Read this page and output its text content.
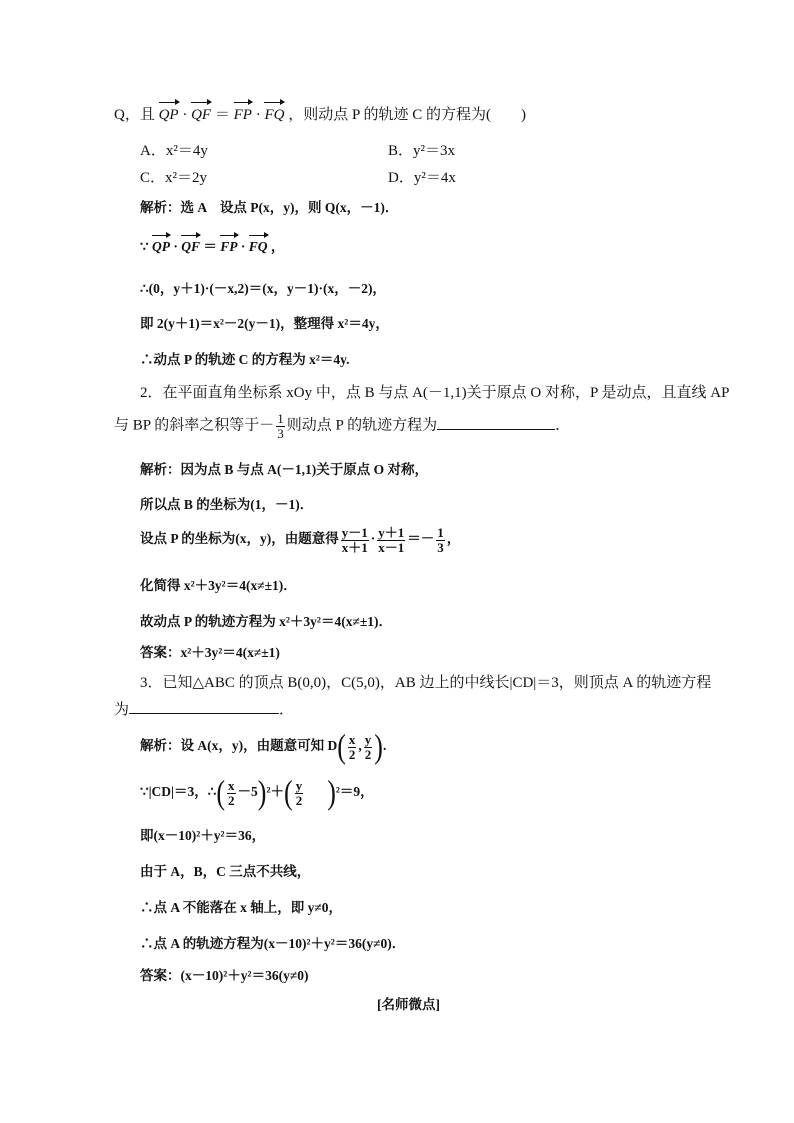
Q，且 QP · QF ＝ FP · FQ ，则动点 P 的轨迹 C 的方程为(　　)
A．x²＝4y	B．y²＝3x
C．x²＝2y	D．y²＝4x
解析：选 A　设点 P(x，y)，则 Q(x，－1)．
∵ QP · QF ＝ FP · FQ ，
∴(0，y＋1)·(－x,2)＝(x，y－1)·(x，－2)，
即 2(y＋1)＝x²－2(y－1)，整理得 x²＝4y，
∴动点 P 的轨迹 C 的方程为 x²＝4y.
2．在平面直角坐标系 xOy 中，点 B 与点 A(－1,1)关于原点 O 对称，P 是动点，且直线 AP
与 BP 的斜率之积等于－ $\frac{1}{3}$ 则动点 P 的轨迹方程为	．
解析：因为点 B 与点 A(－1,1)关于原点 O 对称，
所以点 B 的坐标为(1，－1)．
设点 P 的坐标为(x，y)，由题意得 $\frac{y-1}{x+1} \cdot \frac{y+1}{x-1} =- \frac{1}{3}$ ，
化简得 x²＋3y²＝4(x≠±1)．
故动点 P 的轨迹方程为 x²＋3y²＝4(x≠±1)．
答案：x²＋3y²＝4(x≠±1)
3．已知△ABC 的顶点 B(0,0)，C(5,0)，AB 边上的中线长|CD|＝3，则顶点 A 的轨迹方程
为	．
解析：设 A(x，y)，由题意可知 $D( \frac{x}{2}$ , $\frac{y}{2}$ ).
∵|CD|＝3，∴( $\frac{x}{2} -5)^2+( \frac{y}{2} )^2=9$，
即(x－10)²＋y²＝36，
由于 A，B，C 三点不共线，
∴点 A 不能落在 x 轴上，即 y≠0，
∴点 A 的轨迹方程为(x－10)²＋y²＝36(y≠0)．
答案：(x－10)²＋y²＝36(y≠0)
[名师微点]
